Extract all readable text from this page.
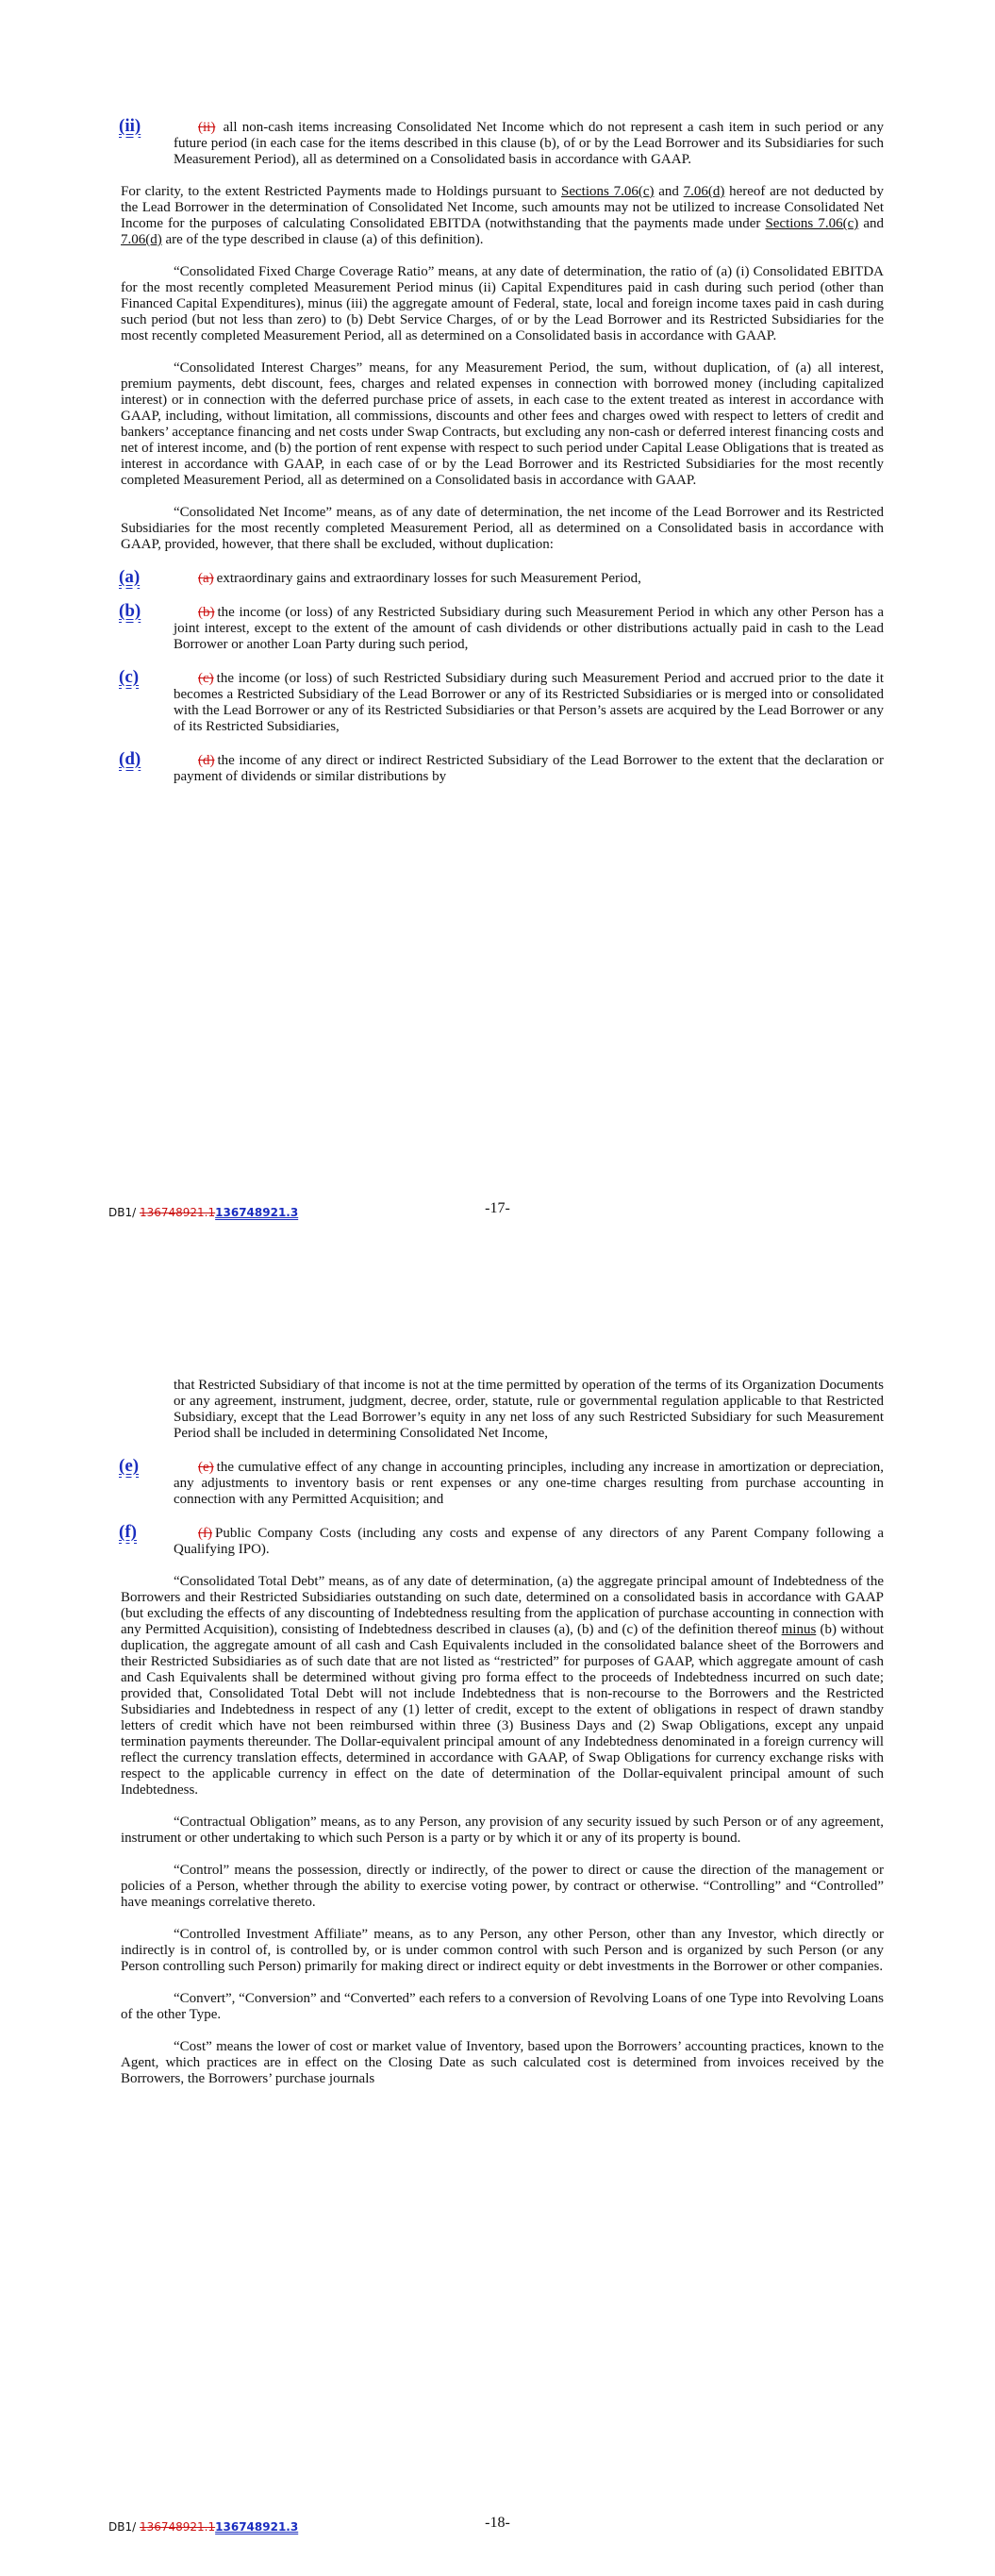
(ii)	(ii) all non-cash items increasing Consolidated Net Income which do not represent a cash item in such period or any future period (in each case for the items described in this clause (b), of or by the Lead Borrower and its Subsidiaries for such Measurement Period), all as determined on a Consolidated basis in accordance with GAAP.

For clarity, to the extent Restricted Payments made to Holdings pursuant to Sections 7.06(c) and 7.06(d) hereof are not deducted by the Lead Borrower in the determination of Consolidated Net Income, such amounts may not be utilized to increase Consolidated Net Income for the purposes of calculating Consolidated EBITDA (notwithstanding that the payments made under Sections 7.06(c) and 7.06(d) are of the type described in clause (a) of this definition).

“Consolidated Fixed Charge Coverage Ratio” means, at any date of determination, the ratio of (a) (i) Consolidated EBITDA for the most recently completed Measurement Period minus (ii) Capital Expenditures paid in cash during such period (other than Financed Capital Expenditures), minus (iii) the aggregate amount of Federal, state, local and foreign income taxes paid in cash during such period (but not less than zero) to (b) Debt Service Charges, of or by the Lead Borrower and its Restricted Subsidiaries for the most recently completed Measurement Period, all as determined on a Consolidated basis in accordance with GAAP.

“Consolidated Interest Charges” means, for any Measurement Period, the sum, without duplication, of (a) all interest, premium payments, debt discount, fees, charges and related expenses in connection with borrowed money (including capitalized interest) or in connection with the deferred purchase price of assets, in each case to the extent treated as interest in accordance with GAAP, including, without limitation, all commissions, discounts and other fees and charges owed with respect to letters of credit and bankers’ acceptance financing and net costs under Swap Contracts, but excluding any non-cash or deferred interest financing costs and net of interest income, and (b) the portion of rent expense with respect to such period under Capital Lease Obligations that is treated as interest in accordance with GAAP, in each case of or by the Lead Borrower and its Restricted Subsidiaries for the most recently completed Measurement Period, all as determined on a Consolidated basis in accordance with GAAP.

“Consolidated Net Income” means, as of any date of determination, the net income of the Lead Borrower and its Restricted Subsidiaries for the most recently completed Measurement Period, all as determined on a Consolidated basis in accordance with GAAP, provided, however, that there shall be excluded, without duplication:

(a)	(a) extraordinary gains and extraordinary losses for such Measurement Period,

(b)	(b) the income (or loss) of any Restricted Subsidiary during such Measurement Period in which any other Person has a joint interest, except to the extent of the amount of cash dividends or other distributions actually paid in cash to the Lead Borrower or another Loan Party during such period,

(c)	(c) the income (or loss) of such Restricted Subsidiary during such Measurement Period and accrued prior to the date it becomes a Restricted Subsidiary of the Lead Borrower or any of its Restricted Subsidiaries or is merged into or consolidated with the Lead Borrower or any of its Restricted Subsidiaries or that Person’s assets are acquired by the Lead Borrower or any of its Restricted Subsidiaries,

(d)	(d) the income of any direct or indirect Restricted Subsidiary of the Lead Borrower to the extent that the declaration or payment of dividends or similar distributions by

DB1/ 136748921.1136748921.3	-17-

that Restricted Subsidiary of that income is not at the time permitted by operation of the terms of its Organization Documents or any agreement, instrument, judgment, decree, order, statute, rule or governmental regulation applicable to that Restricted Subsidiary, except that the Lead Borrower’s equity in any net loss of any such Restricted Subsidiary for such Measurement Period shall be included in determining Consolidated Net Income,

(e)	(e) the cumulative effect of any change in accounting principles, including any increase in amortization or depreciation, any adjustments to inventory basis or rent expenses or any one-time charges resulting from purchase accounting in connection with any Permitted Acquisition; and

(f)	(f) Public Company Costs (including any costs and expense of any directors of any Parent Company following a Qualifying IPO).

“Consolidated Total Debt” means, as of any date of determination, (a) the aggregate principal amount of Indebtedness of the Borrowers and their Restricted Subsidiaries outstanding on such date, determined on a consolidated basis in accordance with GAAP (but excluding the effects of any discounting of Indebtedness resulting from the application of purchase accounting in connection with any Permitted Acquisition), consisting of Indebtedness described in clauses (a), (b) and (c) of the definition thereof minus (b) without duplication, the aggregate amount of all cash and Cash Equivalents included in the consolidated balance sheet of the Borrowers and their Restricted Subsidiaries as of such date that are not listed as “restricted” for purposes of GAAP, which aggregate amount of cash and Cash Equivalents shall be determined without giving pro forma effect to the proceeds of Indebtedness incurred on such date; provided that, Consolidated Total Debt will not include Indebtedness that is non-recourse to the Borrowers and the Restricted Subsidiaries and Indebtedness in respect of any (1) letter of credit, except to the extent of obligations in respect of drawn standby letters of credit which have not been reimbursed within three (3) Business Days and (2) Swap Obligations, except any unpaid termination payments thereunder. The Dollar-equivalent principal amount of any Indebtedness denominated in a foreign currency will reflect the currency translation effects, determined in accordance with GAAP, of Swap Obligations for currency exchange risks with respect to the applicable currency in effect on the date of determination of the Dollar-equivalent principal amount of such Indebtedness.

“Contractual Obligation” means, as to any Person, any provision of any security issued by such Person or of any agreement, instrument or other undertaking to which such Person is a party or by which it or any of its property is bound.

“Control” means the possession, directly or indirectly, of the power to direct or cause the direction of the management or policies of a Person, whether through the ability to exercise voting power, by contract or otherwise. “Controlling” and “Controlled” have meanings correlative thereto.

“Controlled Investment Affiliate” means, as to any Person, any other Person, other than any Investor, which directly or indirectly is in control of, is controlled by, or is under common control with such Person and is organized by such Person (or any Person controlling such Person) primarily for making direct or indirect equity or debt investments in the Borrower or other companies.

“Convert”, “Conversion” and “Converted” each refers to a conversion of Revolving Loans of one Type into Revolving Loans of the other Type.

“Cost” means the lower of cost or market value of Inventory, based upon the Borrowers’ accounting practices, known to the Agent, which practices are in effect on the Closing Date as such calculated cost is determined from invoices received by the Borrowers, the Borrowers’ purchase journals

DB1/ 136748921.1136748921.3	-18-
